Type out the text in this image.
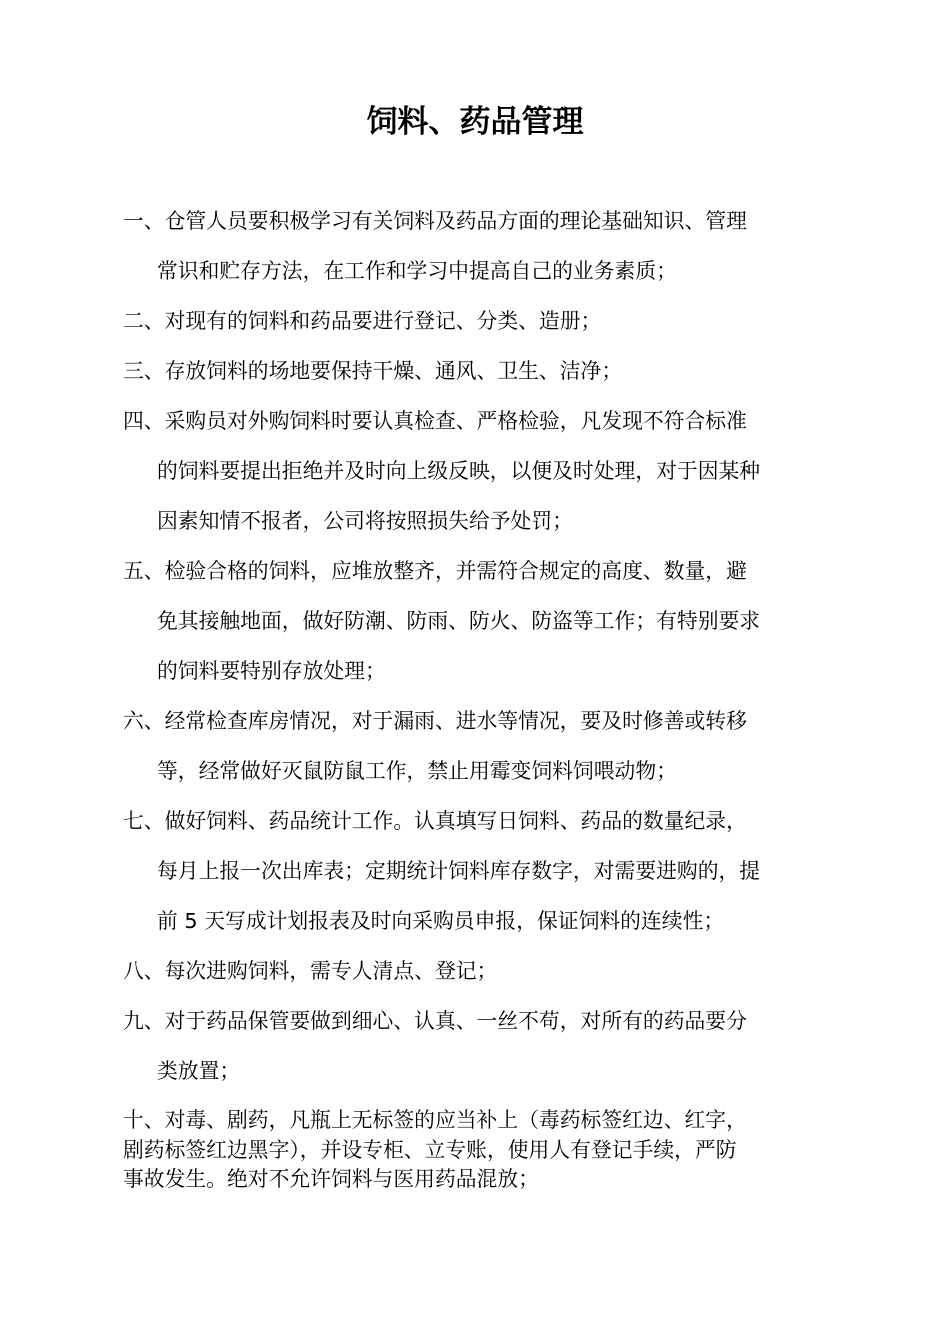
饲料、药品管理
一、仓管人员要积极学习有关饲料及药品方面的理论基础知识、管理
常识和贮存方法，在工作和学习中提高自己的业务素质；
二、对现有的饲料和药品要进行登记、分类、造册；
三、存放饲料的场地要保持干燥、通风、卫生、洁净；
四、采购员对外购饲料时要认真检查、严格检验，凡发现不符合标准
的饲料要提出拒绝并及时向上级反映，以便及时处理，对于因某种
因素知情不报者，公司将按照损失给予处罚；
五、检验合格的饲料，应堆放整齐，并需符合规定的高度、数量，避
免其接触地面，做好防潮、防雨、防火、防盗等工作；有特别要求
的饲料要特别存放处理；
六、经常检查库房情况，对于漏雨、进水等情况，要及时修善或转移
等，经常做好灭鼠防鼠工作，禁止用霉变饲料饲喂动物；
七、做好饲料、药品统计工作。认真填写日饲料、药品的数量纪录，
每月上报一次出库表；定期统计饲料库存数字，对需要进购的，提
前 5 天写成计划报表及时向采购员申报，保证饲料的连续性；
八、每次进购饲料，需专人清点、登记；
九、对于药品保管要做到细心、认真、一丝不苟，对所有的药品要分
类放置；
十、对毒、剧药，凡瓶上无标签的应当补上（毒药标签红边、红字，
剧药标签红边黑字），并设专柜、立专账，使用人有登记手续，严防
事故发生。绝对不允许饲料与医用药品混放；
